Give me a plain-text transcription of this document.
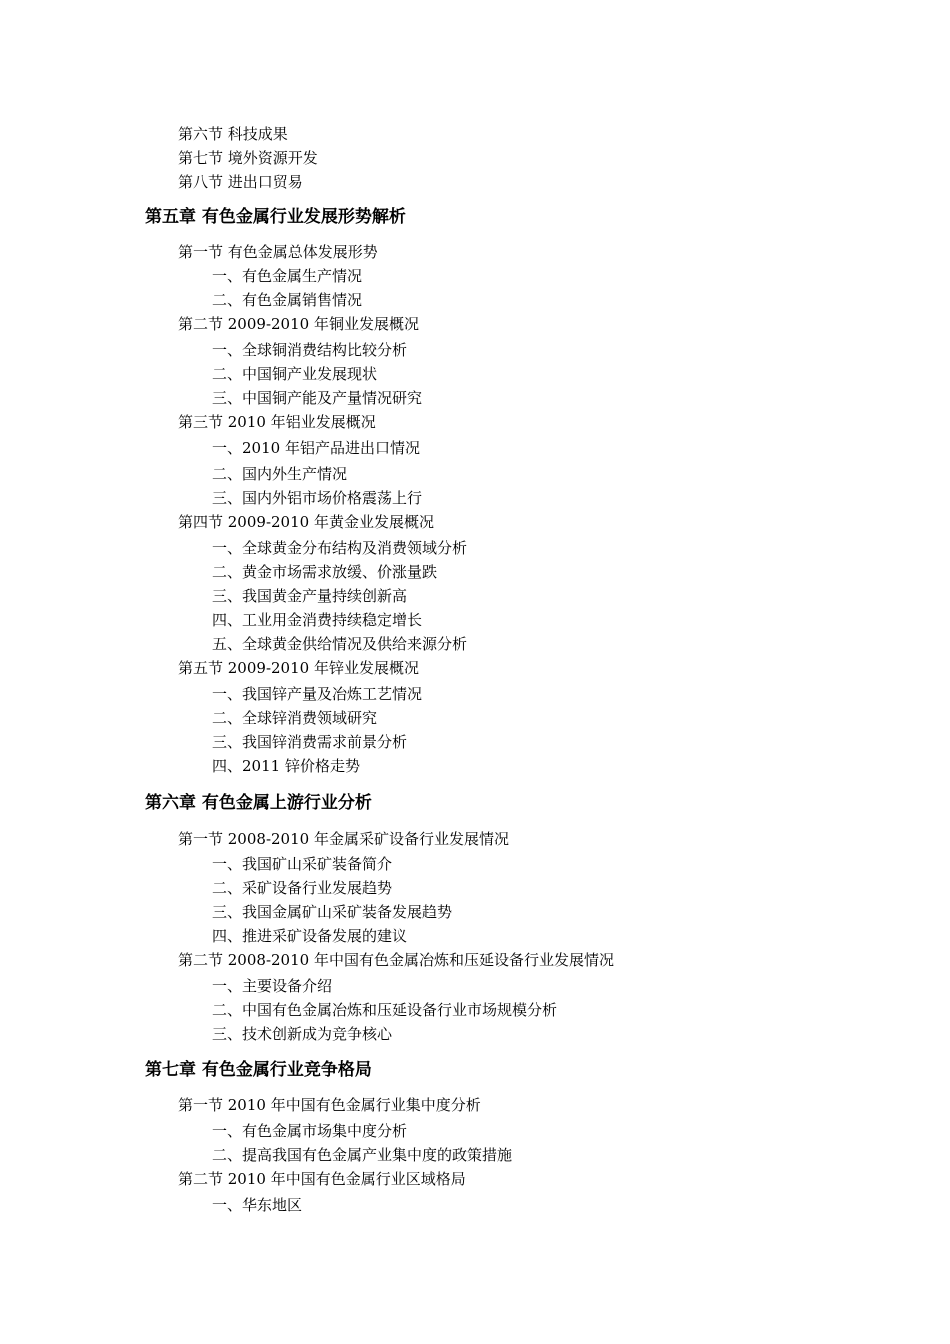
第六节 科技成果
第七节 境外资源开发
第八节 进出口贸易
第五章 有色金属行业发展形势解析
第一节 有色金属总体发展形势
一、有色金属生产情况
二、有色金属销售情况
第二节 2009-2010 年铜业发展概况
一、全球铜消费结构比较分析
二、中国铜产业发展现状
三、中国铜产能及产量情况研究
第三节 2010 年铝业发展概况
一、2010 年铝产品进出口情况
二、国内外生产情况
三、国内外铝市场价格震荡上行
第四节 2009-2010 年黄金业发展概况
一、全球黄金分布结构及消费领域分析
二、黄金市场需求放缓、价涨量跌
三、我国黄金产量持续创新高
四、工业用金消费持续稳定增长
五、全球黄金供给情况及供给来源分析
第五节 2009-2010 年锌业发展概况
一、我国锌产量及冶炼工艺情况
二、全球锌消费领域研究
三、我国锌消费需求前景分析
四、2011 锌价格走势
第六章 有色金属上游行业分析
第一节 2008-2010 年金属采矿设备行业发展情况
一、我国矿山采矿装备简介
二、采矿设备行业发展趋势
三、我国金属矿山采矿装备发展趋势
四、推进采矿设备发展的建议
第二节 2008-2010 年中国有色金属冶炼和压延设备行业发展情况
一、主要设备介绍
二、中国有色金属冶炼和压延设备行业市场规模分析
三、技术创新成为竞争核心
第七章 有色金属行业竞争格局
第一节 2010 年中国有色金属行业集中度分析
一、有色金属市场集中度分析
二、提高我国有色金属产业集中度的政策措施
第二节 2010 年中国有色金属行业区域格局
一、华东地区
